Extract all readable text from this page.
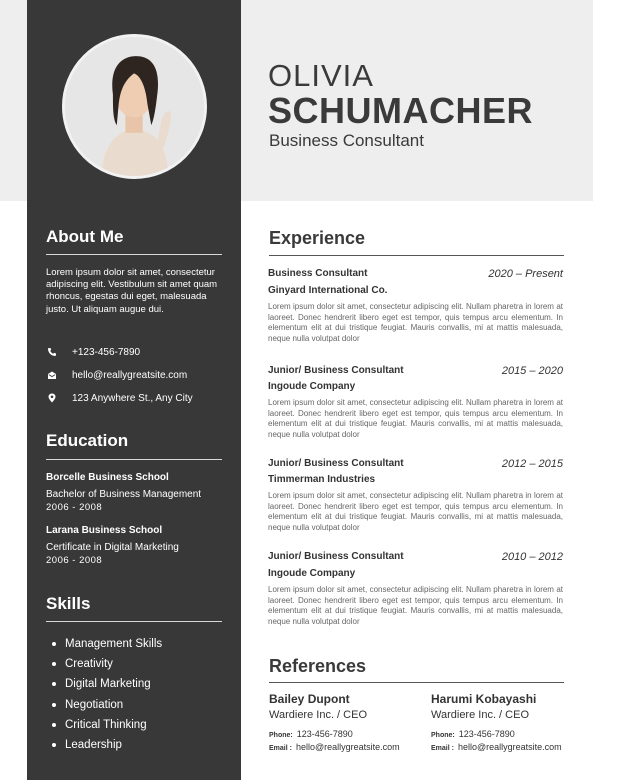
OLIVIA
SCHUMACHER
Business Consultant
About Me
Lorem ipsum dolor sit amet, consectetur adipiscing elit. Vestibulum sit amet quam rhoncus, egestas dui eget, malesuada justo. Ut aliquam augue dui.
+123-456-7890
hello@reallygreatsite.com
123 Anywhere St., Any City
Education
Borcelle Business School
Bachelor of Business Management
2006 - 2008
Larana Business School
Certificate in Digital Marketing
2006 - 2008
Skills
Management Skills
Creativity
Digital Marketing
Negotiation
Critical Thinking
Leadership
Experience
Business Consultant	2020 – Present
Ginyard International Co.
Lorem ipsum dolor sit amet, consectetur adipiscing elit. Nullam pharetra in lorem at laoreet. Donec hendrerit libero eget est tempor, quis tempus arcu elementum. In elementum elit at dui tristique feugiat. Mauris convallis, mi at mattis malesuada, neque nulla volutpat dolor
Junior/ Business Consultant	2015 – 2020
Ingoude Company
Lorem ipsum dolor sit amet, consectetur adipiscing elit. Nullam pharetra in lorem at laoreet. Donec hendrerit libero eget est tempor, quis tempus arcu elementum. In elementum elit at dui tristique feugiat. Mauris convallis, mi at mattis malesuada, neque nulla volutpat dolor
Junior/ Business Consultant	2012 – 2015
Timmerman Industries
Lorem ipsum dolor sit amet, consectetur adipiscing elit. Nullam pharetra in lorem at laoreet. Donec hendrerit libero eget est tempor, quis tempus arcu elementum. In elementum elit at dui tristique feugiat. Mauris convallis, mi at mattis malesuada, neque nulla volutpat dolor
Junior/ Business Consultant	2010 – 2012
Ingoude Company
Lorem ipsum dolor sit amet, consectetur adipiscing elit. Nullam pharetra in lorem at laoreet. Donec hendrerit libero eget est tempor, quis tempus arcu elementum. In elementum elit at dui tristique feugiat. Mauris convallis, mi at mattis malesuada, neque nulla volutpat dolor
References
Bailey Dupont
Wardiere Inc. / CEO
Phone: 123-456-7890
Email : hello@reallygreatsite.com
Harumi Kobayashi
Wardiere Inc. / CEO
Phone: 123-456-7890
Email : hello@reallygreatsite.com
